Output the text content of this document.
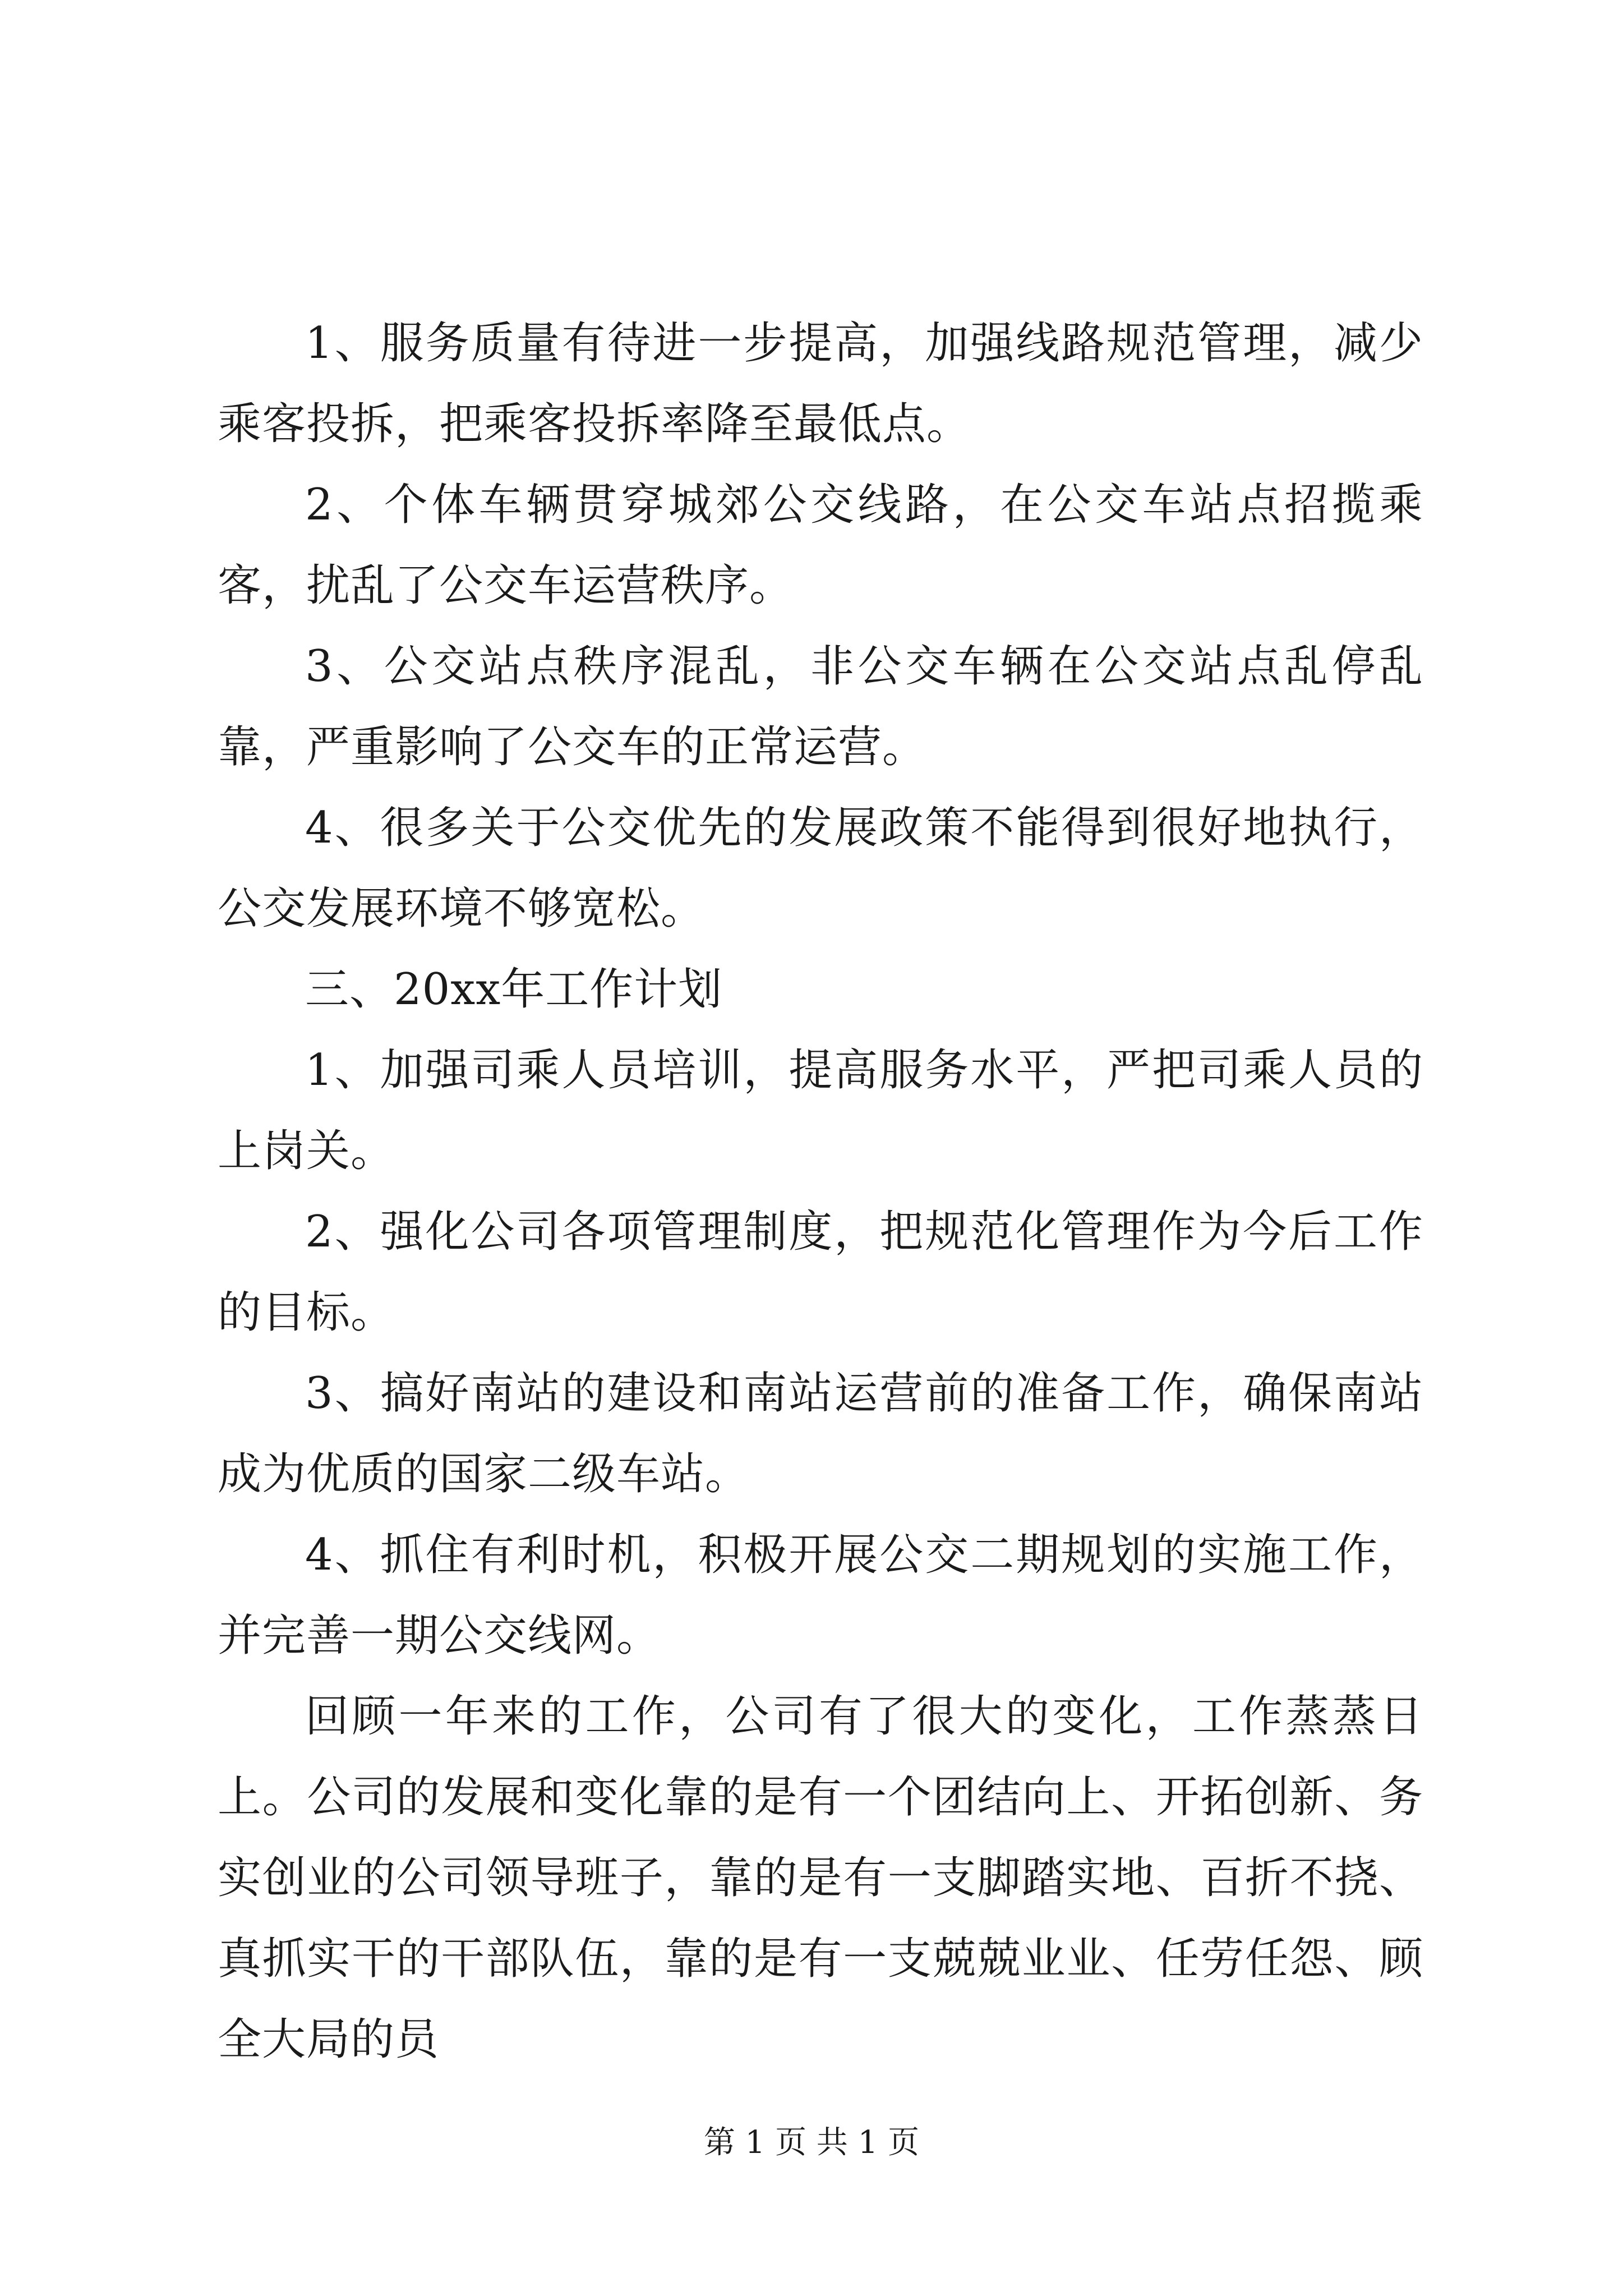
1、服务质量有待进一步提高，加强线路规范管理，减少乘客投拆，把乘客投拆率降至最低点。

2、个体车辆贯穿城郊公交线路，在公交车站点招揽乘客，扰乱了公交车运营秩序。

3、公交站点秩序混乱，非公交车辆在公交站点乱停乱靠，严重影响了公交车的正常运营。

4、很多关于公交优先的发展政策不能得到很好地执行，公交发展环境不够宽松。

三、20xx年工作计划

1、加强司乘人员培训，提高服务水平，严把司乘人员的上岗关。

2、强化公司各项管理制度，把规范化管理作为今后工作的目标。

3、搞好南站的建设和南站运营前的准备工作，确保南站成为优质的国家二级车站。

4、抓住有利时机，积极开展公交二期规划的实施工作，并完善一期公交线网。

回顾一年来的工作，公司有了很大的变化，工作蒸蒸日上。公司的发展和变化靠的是有一个团结向上、开拓创新、务实创业的公司领导班子，靠的是有一支脚踏实地、百折不挠、真抓实干的干部队伍，靠的是有一支兢兢业业、任劳任怨、顾全大局的员

第 1 页 共 1 页
